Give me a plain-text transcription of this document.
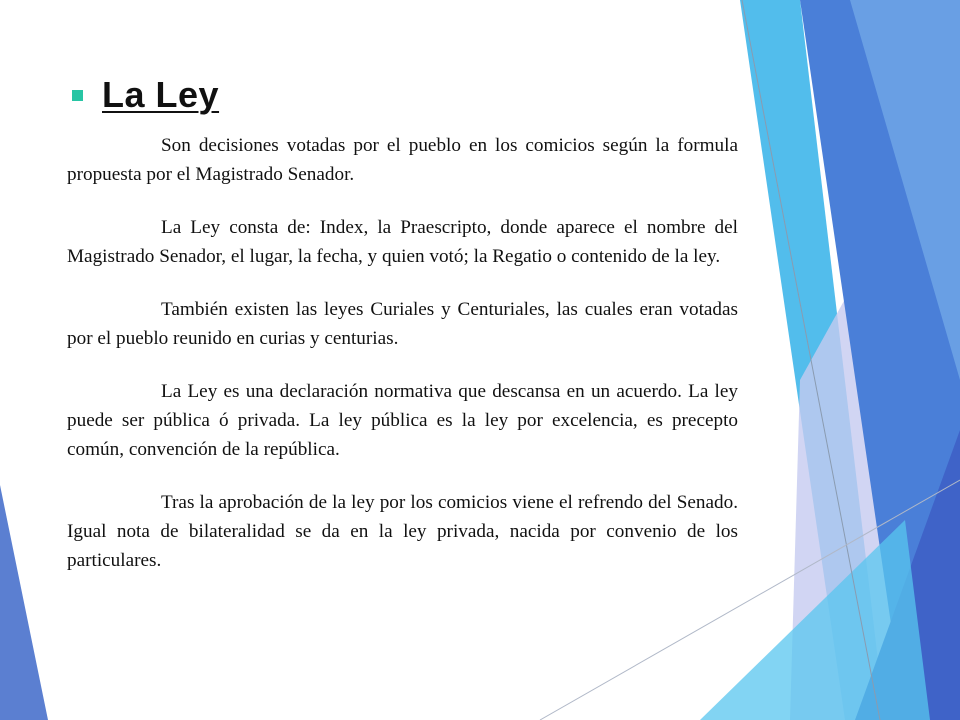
La Ley

Son decisiones votadas por el pueblo en los comicios según la formula propuesta por el Magistrado Senador.

La Ley consta de: Index, la Praescripto, donde aparece el nombre del Magistrado Senador, el lugar, la fecha, y quien votó; la Regatio o contenido de la ley.

También existen las leyes Curiales y Centuriales, las cuales eran votadas por el pueblo reunido en curias y centurias.

La Ley es una declaración normativa que descansa en un acuerdo. La ley puede ser pública ó privada. La ley pública es la ley por excelencia, es precepto común, convención de la república.

Tras la aprobación de la ley por los comicios viene el refrendo del Senado. Igual nota de bilateralidad se da en la ley privada, nacida por convenio de los particulares.
